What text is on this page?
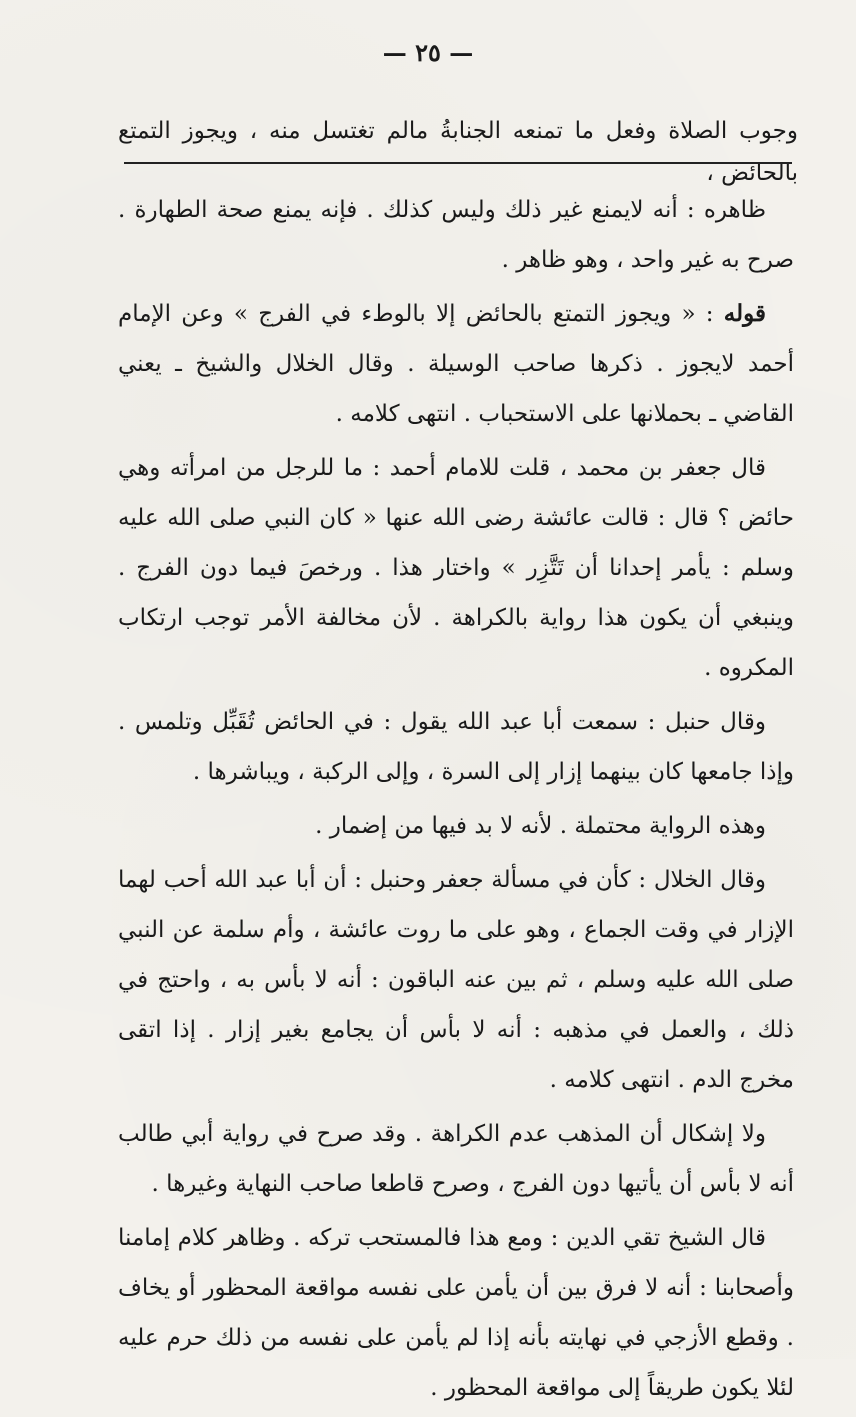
— ٢٥ —
وجوب الصلاة وفعل ما تمنعه الجنابةُ مالم تغتسل منه ، ويجوز التمتع بالحائض ،

ظاهره : أنه لايمنع غير ذلك وليس كذلك . فإنه يمنع صحة الطهارة . صرح به غير واحد ، وهو ظاهر .

قوله : « ويجوز التمتع بالحائض إلا بالوطء في الفرج » وعن الإمام أحمد لايجوز . ذكرها صاحب الوسيلة . وقال الخلال والشيخ ـ يعني القاضي ـ بحملانها على الاستحباب . انتهى كلامه .

قال جعفر بن محمد ، قلت للامام أحمد : ما للرجل من امرأته وهي حائض ؟ قال : قالت عائشة رضى الله عنها « كان النبي صلى الله عليه وسلم : يأمر إحدانا أن تَتَّزِر » واختار هذا . ورخصَ فيما دون الفرج . وينبغي أن يكون هذا رواية بالكراهة . لأن مخالفة الأمر توجب ارتكاب المكروه .

وقال حنبل : سمعت أبا عبد الله يقول : في الحائض تُقَبِّل وتلمس . وإذا جامعها كان بينهما إزار إلى السرة ، وإلى الركبة ، ويباشرها .

وهذه الرواية محتملة . لأنه لا بد فيها من إضمار .

وقال الخلال : كأن في مسألة جعفر وحنبل : أن أبا عبد الله أحب لهما الإزار في وقت الجماع ، وهو على ما روت عائشة ، وأم سلمة عن النبي صلى الله عليه وسلم ، ثم بين عنه الباقون : أنه لا بأس به ، واحتج في ذلك ، والعمل في مذهبه : أنه لا بأس أن يجامع بغير إزار . إذا اتقى مخرج الدم . انتهى كلامه .

ولا إشكال أن المذهب عدم الكراهة . وقد صرح في رواية أبي طالب أنه لا بأس أن يأتيها دون الفرج ، وصرح قاطعا صاحب النهاية وغيرها .

قال الشيخ تقي الدين : ومع هذا فالمستحب تركه . وظاهر كلام إمامنا وأصحابنا : أنه لا فرق بين أن يأمن على نفسه مواقعة المحظور أو يخاف . وقطع الأزجي في نهايته بأنه إذا لم يأمن على نفسه من ذلك حرم عليه لئلا يكون طريقاً إلى مواقعة المحظور .
